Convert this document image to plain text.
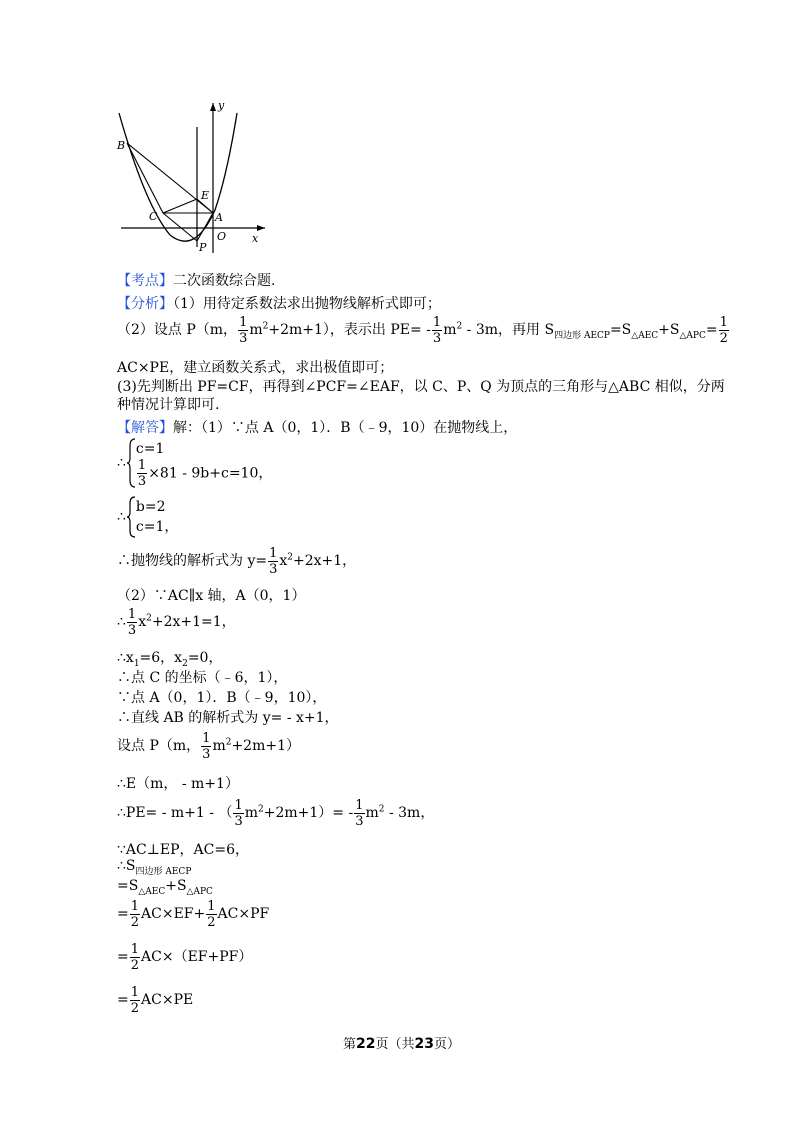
y
x
B
E
C	A
O
P
【考点】二次函数综合题.
【分析】（1）用待定系数法求出抛物线解析式即可；
（2）设点 P（m， $\frac{1}{3} m^2+2m+1$），表示出 $PE= - \frac{1}{3} m^2 - 3m$，再用 $S_{四边形 AECP}=S_{\triangle AEC}+S_{\triangle APC}= \frac{1}{2}$
AC×PE，建立函数关系式，求出极值即可；
(3)先判断出 PF=CF，再得到∠PCF=∠EAF，以 C、P、Q 为顶点的三角形与△ABC 相似，分两
种情况计算即可.
【解答】解：（1）∵点 A（0，1）．B（﹣9，10）在抛物线上，
∴
c=1
$\frac{1}{3} \times 81 - 9b+c=10$，
∴
b=2
c=1，
∴抛物线的解析式为 $y= \frac{1}{3} x^2+2x+1$，
（2）∵AC∥x 轴，A（0，1）
∴ $\frac{1}{3} x^2+2x+1=1$，
$\therefore x_1=6$，$x_2=0$，
∴点 C 的坐标（﹣6，1），
∵点 A（0，1）．B（﹣9，10），
∴直线 AB 的解析式为 y= - x+1，
设点 P（m， $\frac{1}{3} m^2+2m+1$）
∴E（m， - m+1）
∴PE= - m+1 - （ $\frac{1}{3} m^2+2m+1)= - \frac{1}{3} m^2 - 3m$，
∵AC⊥EP，AC=6，
$\therefore S_{四边形 AECP}$
$=S_{\triangle AEC}+S_{\triangle APC}$
= $\frac{1}{2} AC\times EF+ \frac{1}{2} AC\times PF$
= $\frac{1}{2} AC\times(EF+PF)$
= $\frac{1}{2} AC\times PE$
第22页（共23页）
